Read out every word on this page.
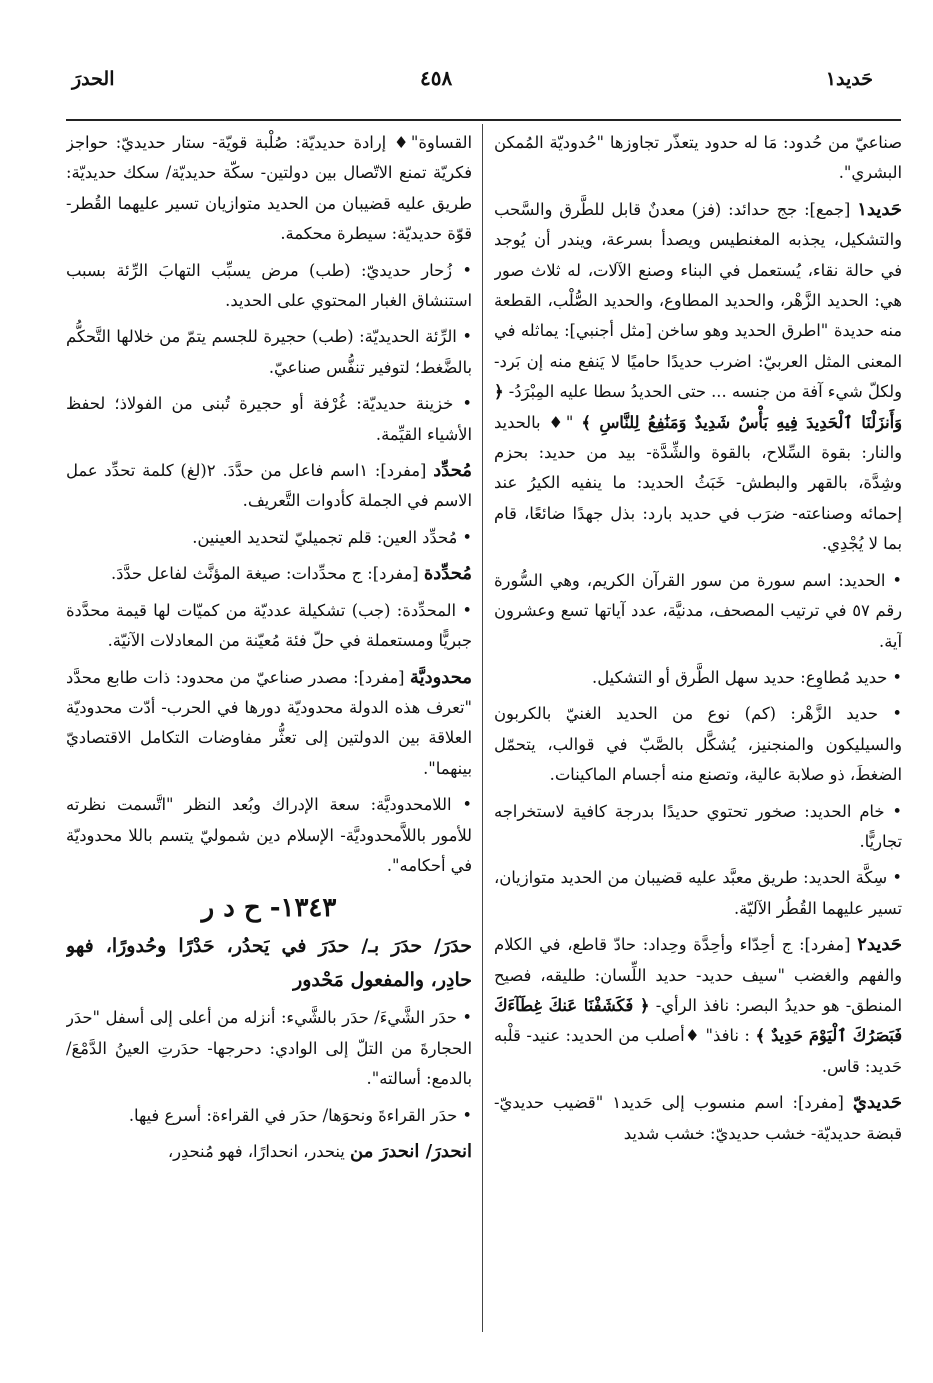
الحدرَ	٤٥٨	حَديد١

صناعيّ من حُدود: مَا له حدود يتعذّر تجاوزها "حُدوديّة المُمكن البشري".

حَديد١ [جمع]: جج حدائد: (فز) معدنٌ قابل للطَّرق والسَّحب والتشكيل، يجذبه المغنطيس ويصدأ بسرعة، ويندر أن يُوجد في حالة نقاء، يُستعمل في البناء وصنع الآلات، له ثلاث صور هي: الحديد الزَّهْر، والحديد المطاوع، والحديد الصُّلْب، القطعة منه حديدة "اطرق الحديد وهو ساخن [مثل أجنبي]: يماثله في المعنى المثل العربيّ: اضرب حديدًا حاميًا لا يَنفع منه إن بَرد- ولكلّ شيء آفة من جنسه ... حتى الحديدُ سطا عليه المِبْرَدُ- ﴿ وَأَنزَلْنَا ٱلْحَدِيدَ فِيهِ بَأْسٌ شَدِيدٌ وَمَنَٰفِعُ لِلنَّاسِ ﴾ "♦ بالحديد والنار: بقوة السِّلاح، بالقوة والشِّدَّة- بيد من حديد: بحزم وشِدَّة، بالقهر والبطش- خَبَثُ الحديد: ما ينفيه الكيرُ عند إحمائه وصناعته- ضرَب في حديد بارد: بذل جهدًا ضائعًا، قام بما لا يُجْدِي.

• الحديد: اسم سورة من سور القرآن الكريم، وهي السُّورة رقم ٥٧ في ترتيب المصحف، مدنيَّة، عدد آياتها تسع وعشرون آية.

• حديد مُطاوِع: حديد سهل الطَّرق أو التشكيل.

• حديد الزَّهْر: (كم) نوع من الحديد الغنيّ بالكربون والسيليكون والمنجنيز، يُشكَّل بالصَّبّ في قوالب، يتحمّل الضغطَ، ذو صلابة عالية، وتصنع منه أجسام الماكينات.

• خام الحديد: صخور تحتوي حديدًا بدرجة كافية لاستخراجه تجاريًّا.

• سِكَّة الحديد: طريق معبَّد عليه قضيبان من الحديد متوازيان، تسير عليهما القُطُر الآليّة.

حَديد٢ [مفرد]: ج أحِدّاء وأحِدَّة وحِداد: حادّ قاطع، في الكلام والفهم والغضب "سيف حديد- حديد اللِّسان: طليقه، فصيح المنطق- هو حديدُ البصر: نافذ الرأي- ﴿ فَكَشَفْنَا عَنكَ غِطَآءَكَ فَبَصَرُكَ ٱلْيَوْمَ حَدِيدٌ ﴾ : نافذ" ♦أصلب من الحديد: عنيد- قلْبه حَديد: قاس.

حَديديّ [مفرد]: اسم منسوب إلى حَديد١ "قضيب حديديّ- قبضة حديديّة- خشب حديديّ: خشب شديد

القساوة"♦ إرادة حديديّة: صُلْبة قويّة- ستار حديديّ: حواجز فكريّة تمنع الاتّصال بين دولتين- سكّة حديديّة/ سكك حديديّة: طريق عليه قضيبان من الحديد متوازيان تسير عليهما القُطر- قوّة حديديّة: سيطرة محكمة.

• زُحار حديديّ: (طب) مرض يسبِّب التهابَ الرِّئة بسبب استنشاق الغبار المحتوي على الحديد.

• الرِّئة الحديديّة: (طب) حجيرة للجسم يتمّ من خلالها التَّحكُّم بالضَّغط؛ لتوفير تنفُّس صناعيّ.

• خزينة حديديّة: غُرْفة أو حجيرة تُبنى من الفولاذ؛ لحفظ الأشياء القيِّمة.

مُحدِّد [مفرد]: ١اسم فاعل من حدَّدَ. ٢(لغ) كلمة تحدِّد عمل الاسم في الجملة كأدوات التَّعريف.

• مُحدِّد العين: قلم تجميليّ لتحديد العينين.

مُحدِّدة [مفرد]: ج محدِّدات: صيغة المؤنَّث لفاعل حدَّدَ.

• المحدِّدة: (جب) تشكيلة عدديّة من كميّات لها قيمة محدَّدة جبريًّا ومستعملة في حلّ فئة مُعيّنة من المعادلات الآنيّة.

محدوديَّة [مفرد]: مصدر صناعيّ من محدود: ذات طابع محدَّد "تعرف هذه الدولة محدوديّة دورها في الحرب- أدّت محدوديّة العلاقة بين الدولتين إلى تعثُّر مفاوضات التكامل الاقتصاديّ بينهما".

• اللامحدوديَّة: سعة الإدراك وبُعد النظر "اتَّسمت نظرته للأمور باللاَّمحدوديَّة- الإسلام دين شموليّ يتسم باللا محدوديّة في أحكامه".

١٣٤٣- ح د ر

حدَرَ/ حدَرَ بـ/ حدَرَ في يَحدُر، حَدْرًا وحُدورًا، فهو حادِر، والمفعول مَحْدور

• حدَر الشَّيءَ/ حدَر بالشَّيء: أنزله من أعلى إلى أسفل "حدَر الحجارةَ من التلّ إلى الوادي: دحرجها- حدَرتِ العينُ الدَّمْعَ/ بالدمع: أسالته".

• حدَر القراءةَ ونحوَها/ حدَر في القراءة: أسرع فيها.

انحدرَ/ انحدرَ من ينحدر، انحدارًا، فهو مُنحدِر،
